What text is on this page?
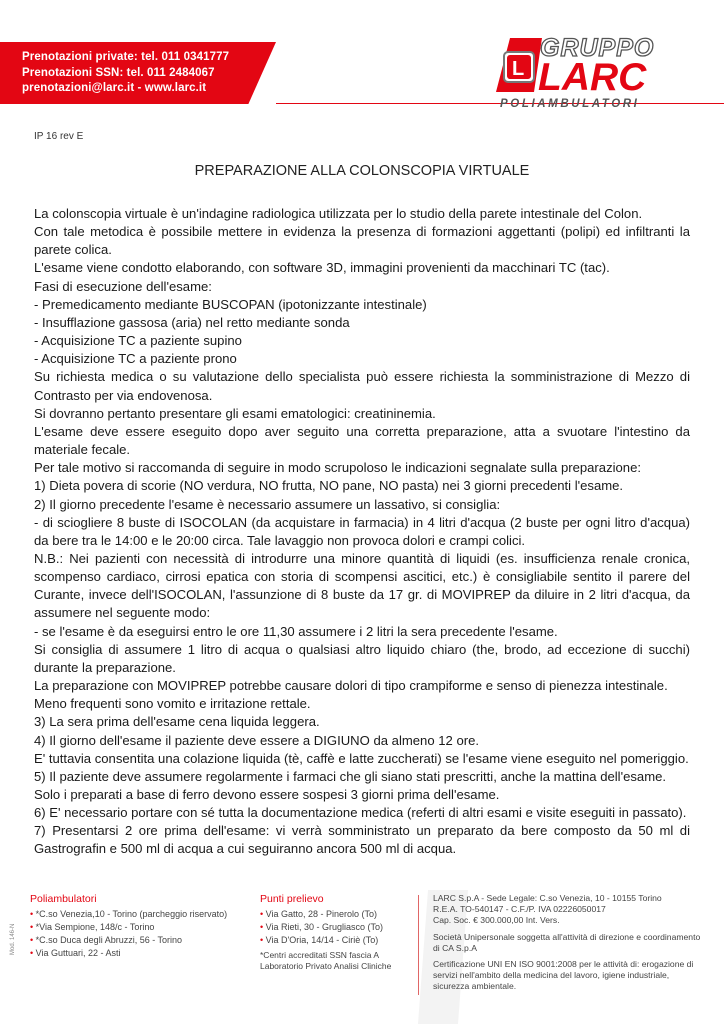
Prenotazioni private: tel. 011 0341777
Prenotazioni SSN: tel. 011 2484067
prenotazioni@larc.it - www.larc.it
L
GRUPPO
LARC
POLIAMBULATORI
IP 16 rev E
PREPARAZIONE ALLA COLONSCOPIA VIRTUALE

La colonscopia virtuale è un'indagine radiologica utilizzata per lo studio della parete intestinale del Colon.

Con tale metodica è possibile mettere in evidenza la presenza di formazioni aggettanti (polipi) ed infiltranti la parete colica.

L'esame viene condotto elaborando, con software 3D, immagini provenienti da macchinari TC (tac).

Fasi di esecuzione dell'esame:

- Premedicamento mediante BUSCOPAN (ipotonizzante intestinale)

- Insufflazione gassosa (aria) nel retto mediante sonda

- Acquisizione TC a paziente supino

- Acquisizione TC a paziente prono

Su richiesta medica o su valutazione dello specialista può essere richiesta la somministrazione di Mezzo di Contrasto per via endovenosa.

Si dovranno pertanto presentare gli esami ematologici: creatininemia.

L'esame deve essere eseguito dopo aver seguito una corretta preparazione, atta a svuotare l'intestino da materiale fecale.

Per tale motivo si raccomanda di seguire in modo scrupoloso le indicazioni segnalate sulla preparazione:

1) Dieta povera di scorie (NO verdura, NO frutta, NO pane, NO pasta) nei 3 giorni precedenti l'esame.

2) Il giorno precedente l'esame è necessario assumere un lassativo, si consiglia:

- di sciogliere 8 buste di ISOCOLAN (da acquistare in farmacia) in 4 litri d'acqua (2 buste per ogni litro d'acqua) da bere tra le 14:00 e le 20:00 circa. Tale lavaggio non provoca dolori e crampi colici.

N.B.: Nei pazienti con necessità di introdurre una minore quantità di liquidi (es. insufficienza renale cronica, scompenso cardiaco, cirrosi epatica con storia di scompensi ascitici, etc.) è consigliabile sentito il parere del Curante, invece dell'ISOCOLAN, l'assunzione di 8 buste da 17 gr. di MOVIPREP da diluire in 2 litri d'acqua, da assumere nel seguente modo:

- se l'esame è da eseguirsi entro le ore 11,30 assumere i 2 litri la sera precedente l'esame.

Si consiglia di assumere 1 litro di acqua o qualsiasi altro liquido chiaro (the, brodo, ad eccezione di succhi) durante la preparazione.

La preparazione con MOVIPREP potrebbe causare dolori di tipo crampiforme e senso di pienezza intestinale.

Meno frequenti sono vomito e irritazione rettale.

3) La sera prima dell'esame cena liquida leggera.

4) Il giorno dell'esame il paziente deve essere a DIGIUNO da almeno 12 ore.

E' tuttavia consentita una colazione liquida (tè, caffè e latte zuccherati) se l'esame viene eseguito nel pomeriggio.

5) Il paziente deve assumere regolarmente i farmaci che gli siano stati prescritti, anche la mattina dell'esame.

Solo i preparati a base di ferro devono essere sospesi 3 giorni prima dell'esame.

6) E' necessario portare con sé tutta la documentazione medica (referti di altri esami e visite eseguiti in passato).

7) Presentarsi 2 ore prima dell'esame: vi verrà somministrato un preparato da bere composto da 50 ml di Gastrografin e 500 ml di acqua a cui seguiranno ancora 500 ml di acqua.

Poliambulatori
• *C.so Venezia,10 - Torino (parcheggio riservato)
• *Via Sempione, 148/c - Torino
• *C.so Duca degli Abruzzi, 56 - Torino
• Via Guttuari, 22 - Asti
Punti prelievo
• Via Gatto, 28 - Pinerolo (To)
• Via Rieti, 30 - Grugliasco (To)
• Via D'Oria, 14/14 - Ciriè (To)
*Centri accreditati SSN fascia A Laboratorio Privato Analisi Cliniche
LARC S.p.A - Sede Legale: C.so Venezia, 10 - 10155 Torino
R.E.A. TO-540147 - C.F./P. IVA 02226050017
Cap. Soc. € 300.000,00 Int. Vers.
Società Unipersonale soggetta all'attività di direzione e coordinamento di CA S.p.A
Certificazione UNI EN ISO 9001:2008 per le attività di: erogazione di servizi nell'ambito della medicina del lavoro, igiene industriale, sicurezza ambientale.
Mod. 146-N
